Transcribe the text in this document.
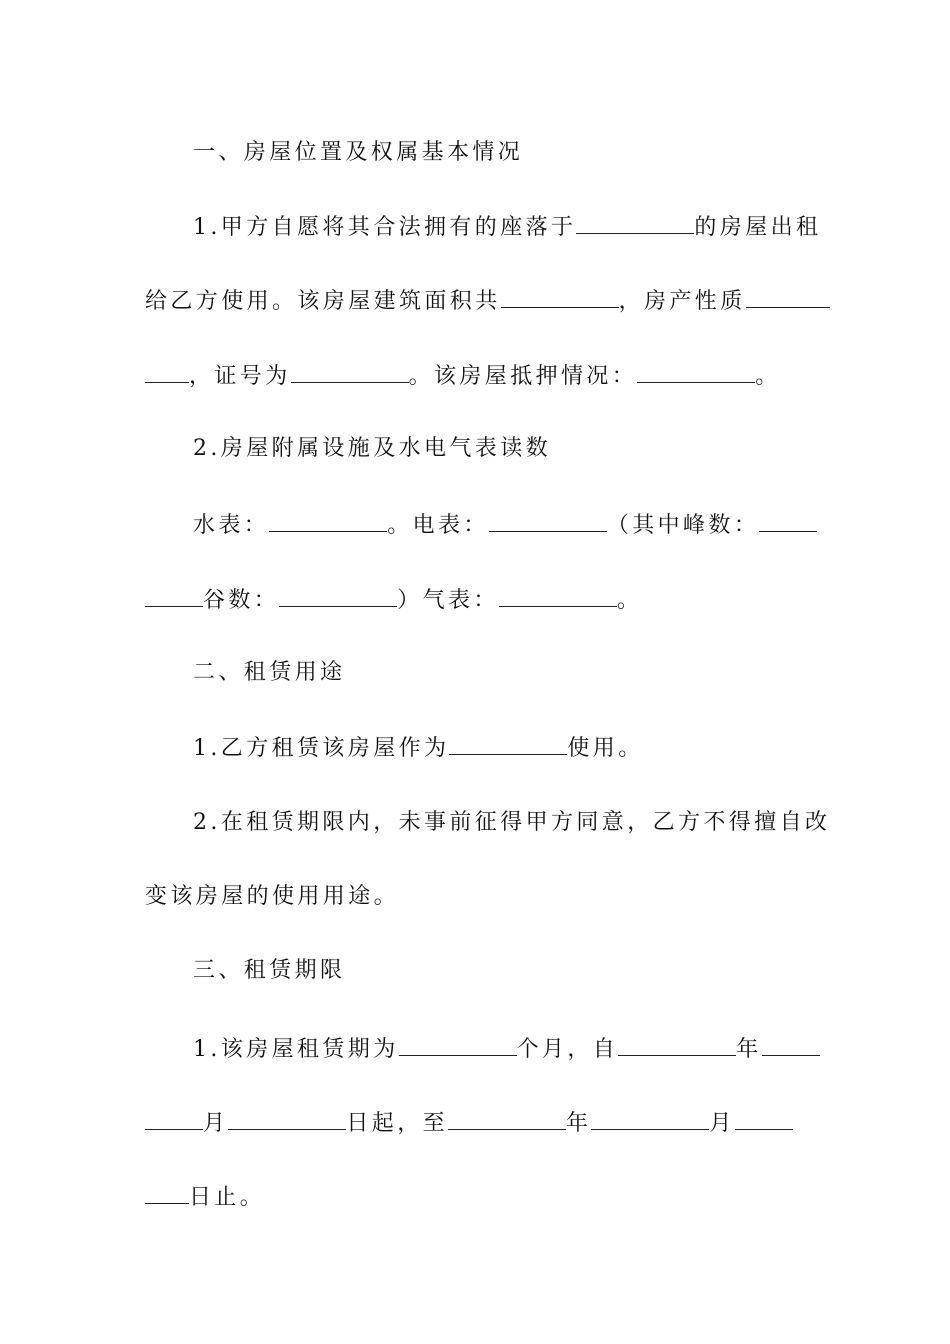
一、房屋位置及权属基本情况
1.甲方自愿将其合法拥有的座落于	的房屋出租
给乙方使用。该房屋建筑面积共	，房产性质
，证号为	。该房屋抵押情况：	。
2.房屋附属设施及水电气表读数
水表：	。电表：	（其中峰数：
谷数：	）气表：	。
二、租赁用途
1.乙方租赁该房屋作为	使用。
2.在租赁期限内，未事前征得甲方同意，乙方不得擅自改
变该房屋的使用用途。
三、租赁期限
1.该房屋租赁期为	个月，自	年
月	日起，至	年	月
日止。
